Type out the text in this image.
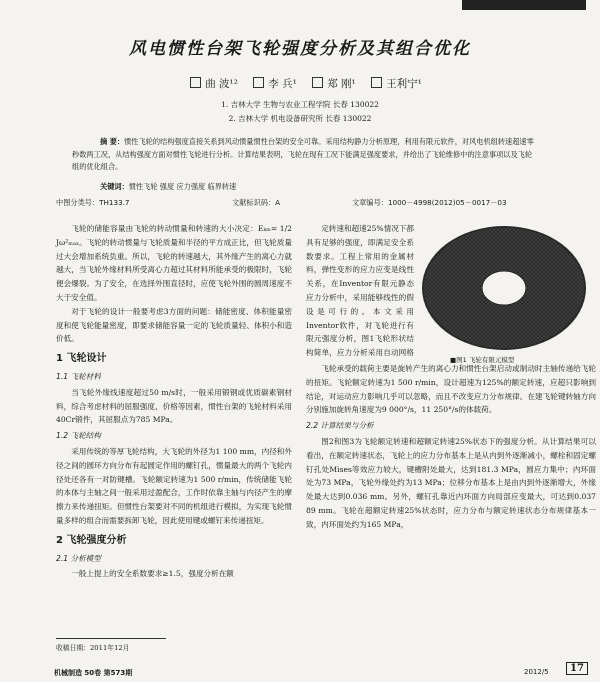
风电惯性台架飞轮强度分析及其组合优化
曲 波¹²	李 兵¹	郑 刚¹	王利宁¹
1. 吉林大学 生物与农业工程学院 长春 130022
2. 吉林大学 机电设备研究所 长春 130022
摘 要：惯性飞轮的结构强度直接关系到风动惯量惯性台架的安全可靠。采用结构静力分析原理，利用有限元软件，对风电机组转速超速零秒数两工况，从结构强度方面对惯性飞轮进行分析。计算结果表明，飞轮在现有工况下能满足强度要求，并给出了飞轮维修中的注意事项以及飞轮组的优化组合。
关键词：惯性飞轮 强度 应力强度 临界转速
中图分类号：TH133.7	文献标识码：A	文章编号：1000－4998(2012)05－0017－03

飞轮的储能容量由飞轮的转动惯量和转速的大小决定：Eₖₘ= 1/2 Jω²ₘₐₓ。飞轮的转动惯量与飞轮质量和半径的平方成正比，但飞轮质量过大会增加系统负重。所以，飞轮的转速越大，其外缘产生的离心力就越大，当飞轮外缘材料所受离心力超过其材料所能承受的极限时，飞轮便会爆裂。为了安全，在选择外围直径时，应使飞轮外围的圆周速度不大于安全值。

对于飞轮的设计一般要考虑3方面的问题：储能密度、体积能量密度和使飞轮能量密度，即要求储能容量一定的飞轮质量轻、体积小和造价低。

1 飞轮设计
1.1 飞轮材料

当飞轮外缘线速度超过50 m/s时，一般采用锻钢或优质碳素钢材料，综合考虑材料的屈服强度、价格等因素，惯性台架的飞轮材料采用40Cr锻件，其屈服点为785 MPa。

1.2 飞轮结构

采用传统的等厚飞轮结构，大飞轮的外径为1 100 mm，内径和外径之间的圆环方向分布有起圆定作用的螺钉孔，惯量最大的两个飞轮内径处还各有一对防键槽。飞轮额定转速为1 500 r/min，传统储能飞轮的本体与主轴之间一般采用过盈配合，工作时依靠主轴与内径产生的摩擦力来传递扭矩。但惯性台架要对不同的机组进行模拟，为实现飞轮惯量多样的组合而需要拆卸飞轮，因此使用键或螺钉来传递扭矩。

2 飞轮强度分析
2.1 分析模型

一般上提上的安全系数要求≥1.5，强度分析在额

定转速和超速25%情况下都具有足够的强度，即满足安全系数要求。工程上常用的金属材料，弹性变形的应力应变是线性关系，在Inventor有限元静态应力分析中，采用能够线性的假设是可行的。本文采用Inventor软件，对飞轮进行有限元强度分析，图1飞轮形状结构简单，应力分析采用自动网格

■图1 飞轮有限元模型

飞轮承受的载荷主要是旋转产生的离心力和惯性台架启动或制动时主轴传递给飞轮的扭矩。飞轮额定转速为1 500 r/min，设计超速为125%的额定转速，应超只影响到结论，对运动应力影响几乎可以忽略，而且不改变应力分布规律。在建飞轮键转轴方向分别施加旋转角速度为9 000°/s，11 250°/s的体载荷。

2.2 计算结果与分析

图2和图3为飞轮额定转速和超额定转速25%状态下的强度分析。从计算结果可以看出，在额定转速状态，飞轮上的应力分布基本上是从内到外逐渐减小，螺栓和固定螺钉孔处Mises等效应力较大，键槽附处最大，达到181.3 MPa，圆应力集中；内环面处为73 MPa，飞轮外缘处约为13 MPa；位移分布基本上是由内到外逐渐增大，外缘处最大达到0.036 mm。另外，螺钉孔靠近内环面方向局部应变最大，可达到0.037 89 mm。飞轮在超额定转速25%状态时，应力分布与额定转速状态分布规律基本一致，内环面处约为165 MPa，

收稿日期：2011年12月
机械制造 50卷 第573期	2012/5	17
